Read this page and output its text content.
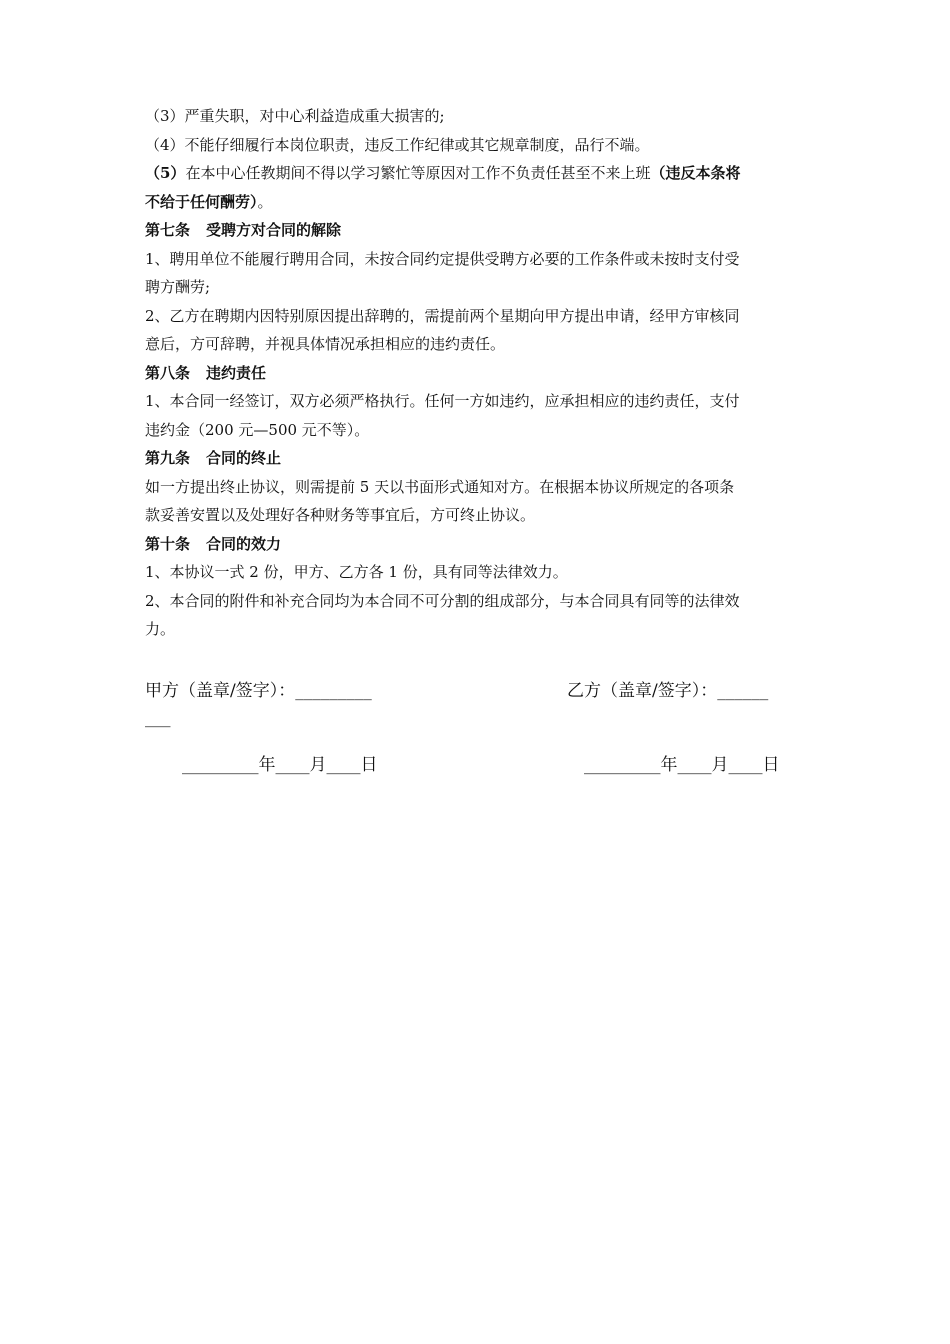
（3）严重失职，对中心利益造成重大损害的;
（4）不能仔细履行本岗位职责，违反工作纪律或其它规章制度，品行不端。
（5）在本中心任教期间不得以学习繁忙等原因对工作不负责任甚至不来上班（违反本条将
不给于任何酬劳）。
第七条 受聘方对合同的解除
1、聘用单位不能履行聘用合同，未按合同约定提供受聘方必要的工作条件或未按时支付受
聘方酬劳;
2、乙方在聘期内因特别原因提出辞聘的，需提前两个星期向甲方提出申请，经甲方审核同
意后，方可辞聘，并视具体情况承担相应的违约责任。
第八条 违约责任
1、本合同一经签订，双方必须严格执行。任何一方如违约，应承担相应的违约责任，支付
违约金（200 元—500 元不等）。
第九条 合同的终止
如一方提出终止协议，则需提前 5 天以书面形式通知对方。在根据本协议所规定的各项条
款妥善安置以及处理好各种财务等事宜后，方可终止协议。
第十条 合同的效力
1、本协议一式 2 份，甲方、乙方各 1 份，具有同等法律效力。
2、本合同的附件和补充合同均为本合同不可分割的组成部分，与本合同具有同等的法律效
力。
甲方（盖章/签字）：_________	乙方（盖章/签字）：______
___
_________年____月____日	_________年____月____日
